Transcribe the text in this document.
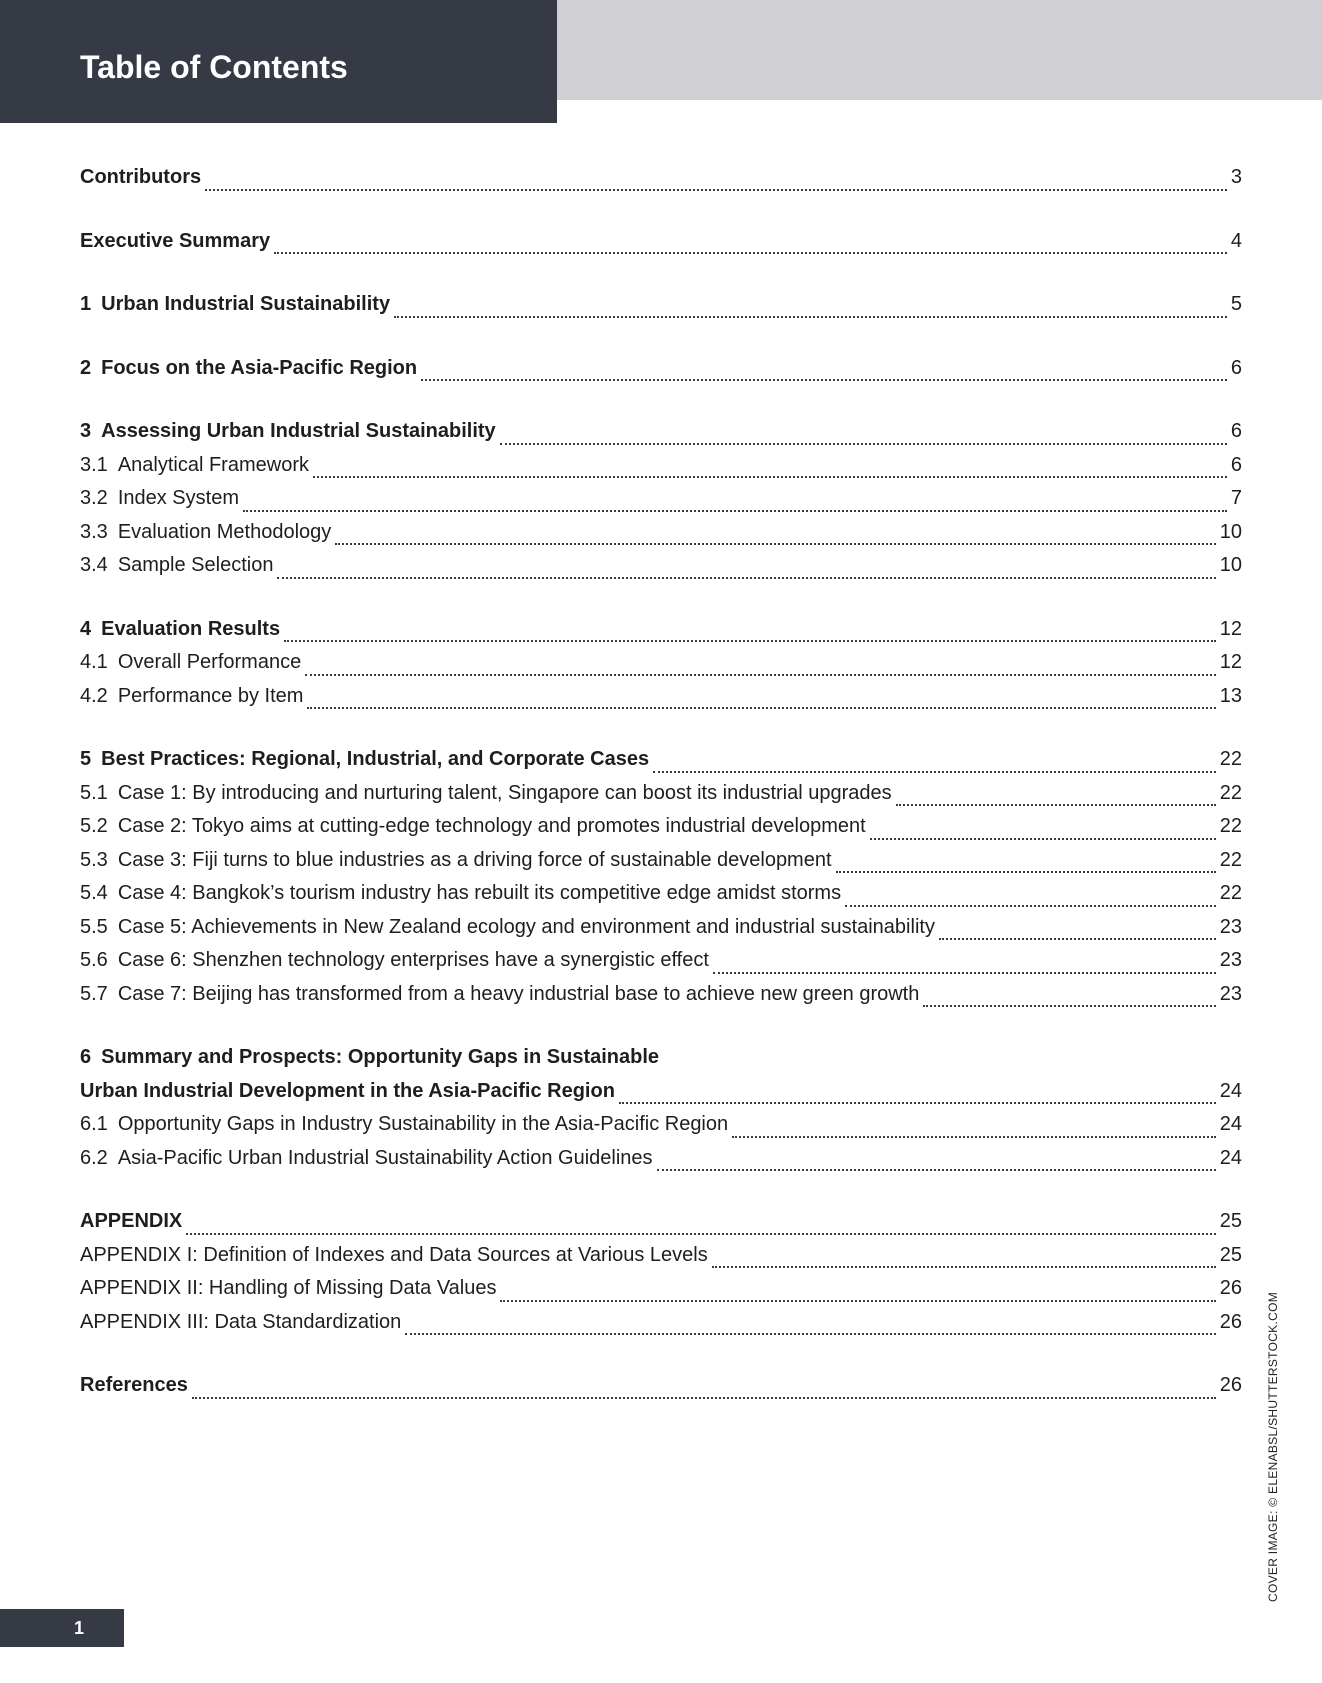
Table of Contents
Contributors	3
Executive Summary	4
1 Urban Industrial Sustainability	5
2 Focus on the Asia-Pacific Region	6
3 Assessing Urban Industrial Sustainability	6
3.1 Analytical Framework	6
3.2 Index System	7
3.3 Evaluation Methodology	10
3.4 Sample Selection	10
4 Evaluation Results	12
4.1 Overall Performance	12
4.2 Performance by Item	13
5 Best Practices: Regional, Industrial, and Corporate Cases	22
5.1 Case 1: By introducing and nurturing talent, Singapore can boost its industrial upgrades	22
5.2 Case 2: Tokyo aims at cutting-edge technology and promotes industrial development	22
5.3 Case 3: Fiji turns to blue industries as a driving force of sustainable development	22
5.4 Case 4: Bangkok’s tourism industry has rebuilt its competitive edge amidst storms	22
5.5 Case 5: Achievements in New Zealand ecology and environment and industrial sustainability	23
5.6 Case 6: Shenzhen technology enterprises have a synergistic effect	23
5.7 Case 7: Beijing has transformed from a heavy industrial base to achieve new green growth	23
6 Summary and Prospects: Opportunity Gaps in Sustainable
Urban Industrial Development in the Asia-Pacific Region	24
6.1 Opportunity Gaps in Industry Sustainability in the Asia-Pacific Region	24
6.2 Asia-Pacific Urban Industrial Sustainability Action Guidelines	24
APPENDIX	25
APPENDIX I: Definition of Indexes and Data Sources at Various Levels	25
APPENDIX II: Handling of Missing Data Values	26
APPENDIX III: Data Standardization	26
References	26 COVER IMAGE: © ELENABSL/SHUTTERSTOCK.COM
1
